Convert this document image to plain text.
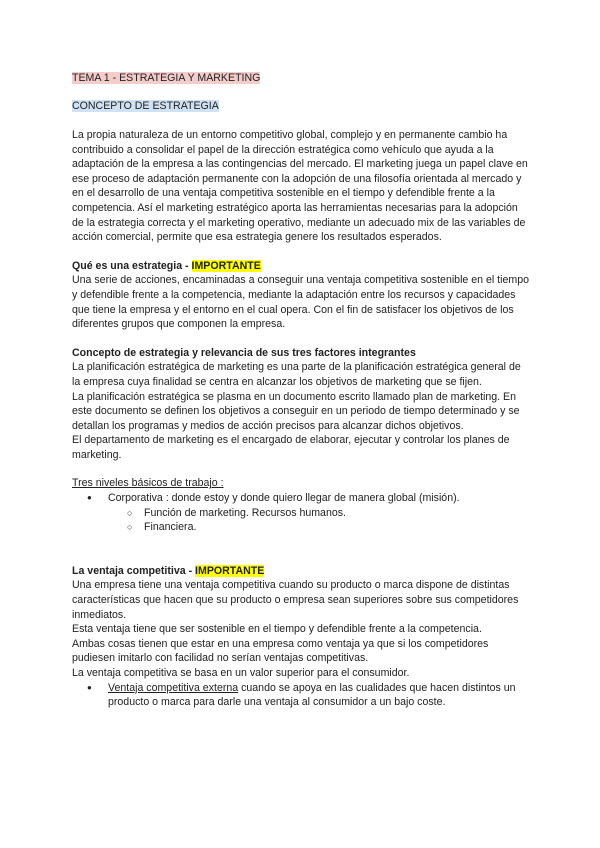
TEMA 1 - ESTRATEGIA Y MARKETING

CONCEPTO DE ESTRATEGIA

La propia naturaleza de un entorno competitivo global, complejo y en permanente cambio ha contribuido a consolidar el papel de la dirección estratégica como vehículo que ayuda a la adaptación de la empresa a las contingencias del mercado. El marketing juega un papel clave en ese proceso de adaptación permanente con la adopción de una filosofía orientada al mercado y en el desarrollo de una ventaja competitiva sostenible en el tiempo y defendible frente a la competencia. Así el marketing estratégico aporta las herramientas necesarias para la adopción de la estrategia correcta y el marketing operativo, mediante un adecuado mix de las variables de acción comercial, permite que esa estrategia genere los resultados esperados.

Qué es una estrategia - IMPORTANTE

Una serie de acciones, encaminadas a conseguir una ventaja competitiva sostenible en el tiempo y defendible frente a la competencia, mediante la adaptación entre los recursos y capacidades que tiene la empresa y el entorno en el cual opera. Con el fin de satisfacer los objetivos de los diferentes grupos que componen la empresa.

Concepto de estrategia y relevancia de sus tres factores integrantes

La planificación estratégica de marketing es una parte de la planificación estratégica general de la empresa cuya finalidad se centra en alcanzar los objetivos de marketing que se fijen.

La planificación estratégica se plasma en un documento escrito llamado plan de marketing. En este documento se definen los objetivos a conseguir en un periodo de tiempo determinado y se detallan los programas y medios de acción precisos para alcanzar dichos objetivos.

El departamento de marketing es el encargado de elaborar, ejecutar y controlar los planes de marketing.

Tres niveles básicos de trabajo :

● Corporativa : donde estoy y donde quiero llegar de manera global (misión).
○ Función de marketing. Recursos humanos.
○ Financiera.

La ventaja competitiva - IMPORTANTE

Una empresa tiene una ventaja competitiva cuando su producto o marca dispone de distintas características que hacen que su producto o empresa sean superiores sobre sus competidores inmediatos.

Esta ventaja tiene que ser sostenible en el tiempo y defendible frente a la competencia.

Ambas cosas tienen que estar en una empresa como ventaja ya que si los competidores pudiesen imitarlo con facilidad no serían ventajas competitivas.

La ventaja competitiva se basa en un valor superior para el consumidor.

● Ventaja competitiva externa cuando se apoya en las cualidades que hacen distintos un producto o marca para darle una ventaja al consumidor a un bajo coste.
